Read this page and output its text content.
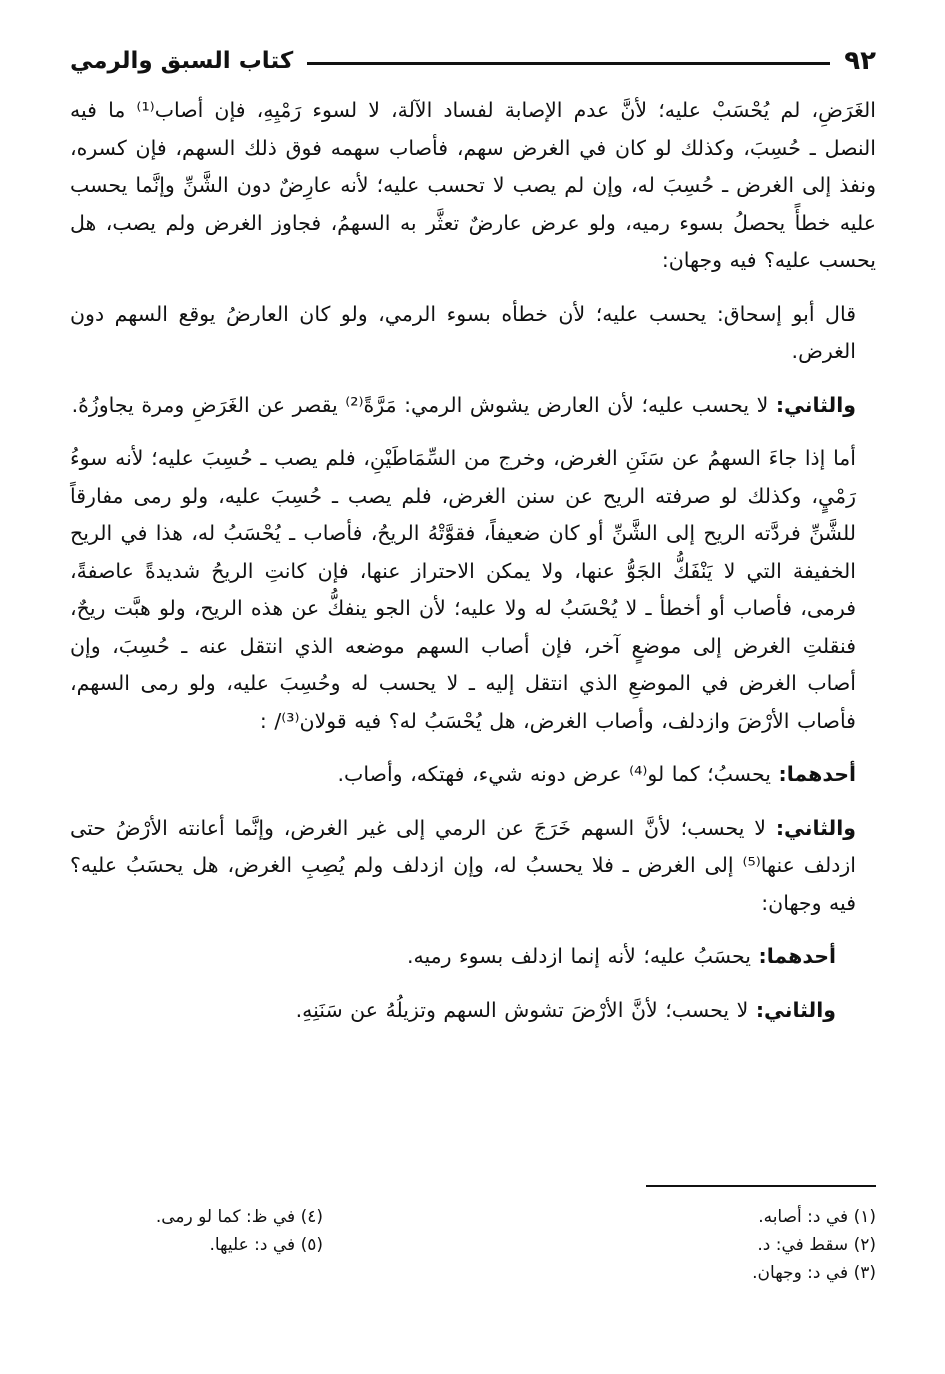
٩٢
كتاب السبق والرمي

الغَرَضِ، لم يُحْسَبْ عليه؛ لأنَّ عدم الإصابة لفساد الآلة، لا لسوء رَمْيِهِ، فإن أصاب⁽¹⁾ ما فيه النصل ـ حُسِبَ، وكذلك لو كان في الغرض سهم، فأصاب سهمه فوق ذلك السهم، فإن كسره، ونفذ إلى الغرض ـ حُسِبَ له، وإن لم يصب لا تحسب عليه؛ لأنه عارِضٌ دون الشَّنِّ وإنَّما يحسب عليه خطأً يحصلُ بسوء رميه، ولو عرض عارضٌ تعثَّر به السهمُ، فجاوز الغرض ولم يصب، هل يحسب عليه؟ فيه وجهان:

قال أبو إسحاق: يحسب عليه؛ لأن خطأه بسوء الرمي، ولو كان العارضُ يوقع السهم دون الغرض.

والثاني: لا يحسب عليه؛ لأن العارض يشوش الرمي: مَرَّةً⁽²⁾ يقصر عن الغَرَضِ ومرة يجاوزُهُ.

أما إذا جاءَ السهمُ عن سَنَنِ الغرض، وخرج من السِّمَاطَيْنِ، فلم يصب ـ حُسِبَ عليه؛ لأنه سوءُ رَمْيٍ، وكذلك لو صرفته الريح عن سنن الغرض، فلم يصب ـ حُسِبَ عليه، ولو رمى مفارقاً للشَّنِّ فردَّته الريح إلى الشَّنِّ أو كان ضعيفاً، فقوَّتْهُ الريحُ، فأصاب ـ يُحْسَبُ له، هذا في الريح الخفيفة التي لا يَنْفَكُّ الجَوُّ عنها، ولا يمكن الاحتراز عنها، فإن كانتِ الريحُ شديدةً عاصفةً، فرمى، فأصاب أو أخطأ ـ لا يُحْسَبُ له ولا عليه؛ لأن الجو ينفكُّ عن هذه الريح، ولو هبَّت ريحٌ، فنقلتِ الغرض إلى موضعٍ آخر، فإن أصاب السهم موضعه الذي انتقل عنه ـ حُسِبَ، وإن أصاب الغرض في الموضعِ الذي انتقل إليه ـ لا يحسب له وحُسِبَ عليه، ولو رمى السهم، فأصاب الأرْضَ وازدلف، وأصاب الغرض، هل يُحْسَبُ له؟ فيه قولان⁽³⁾/ :

أحدهما: يحسبُ؛ كما لو⁽⁴⁾ عرض دونه شيء، فهتكه، وأصاب.

والثاني: لا يحسب؛ لأنَّ السهم خَرَجَ عن الرمي إلى غير الغرض، وإنَّما أعانته الأرْضُ حتى ازدلف عنها⁽⁵⁾ إلى الغرض ـ فلا يحسبُ له، وإن ازدلف ولم يُصِبِ الغرض، هل يحسَبُ عليه؟ فيه وجهان:

أحدهما: يحسَبُ عليه؛ لأنه إنما ازدلف بسوء رميه.

والثاني: لا يحسب؛ لأنَّ الأرْضَ تشوش السهم وتزيلُهُ عن سَنَنِهِ.

(١) في د: أصابه.
(٢) سقط في: د.
(٣) في د: وجهان.
(٤) في ظ: كما لو رمى.
(٥) في د: عليها.
